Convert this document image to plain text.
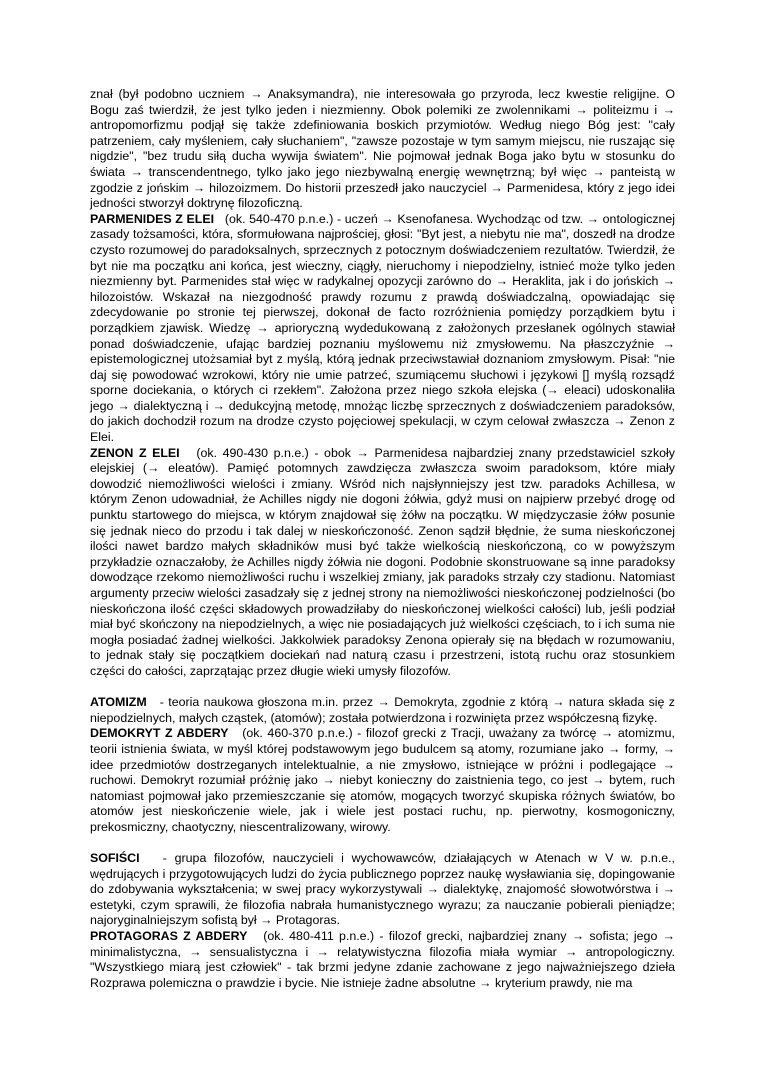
znał (był podobno uczniem → Anaksymandra), nie interesowała go przyroda, lecz kwestie religijne. O Bogu zaś twierdził, że jest tylko jeden i niezmienny. Obok polemiki ze zwolennikami → politeizmu i → antropomorfizmu podjął się także zdefiniowania boskich przymiotów. Według niego Bóg jest: "cały patrzeniem, cały myśleniem, cały słuchaniem", "zawsze pozostaje w tym samym miejscu, nie ruszając się nigdzie", "bez trudu siłą ducha wywija światem". Nie pojmował jednak Boga jako bytu w stosunku do świata → transcendentnego, tylko jako jego niezbywalną energię wewnętrzną; był więc → panteistą w zgodzie z jońskim → hilozoizmem. Do historii przeszedł jako nauczyciel → Parmenidesa, który z jego idei jedności stworzył doktrynę filozoficzną.

PARMENIDES Z ELEI (ok. 540-470 p.n.e.) - uczeń → Ksenofanesa. Wychodząc od tzw. → ontologicznej zasady tożsamości, która, sformułowana najprościej, głosi: "Byt jest, a niebytu nie ma", doszedł na drodze czysto rozumowej do paradoksalnych, sprzecznych z potocznym doświadczeniem rezultatów. Twierdził, że byt nie ma początku ani końca, jest wieczny, ciągły, nieruchomy i niepodzielny, istnieć może tylko jeden niezmienny byt. Parmenides stał więc w radykalnej opozycji zarówno do → Heraklita, jak i do jońskich → hilozoistów. Wskazał na niezgodność prawdy rozumu z prawdą doświadczalną, opowiadając się zdecydowanie po stronie tej pierwszej, dokonał de facto rozróżnienia pomiędzy porządkiem bytu i porządkiem zjawisk. Wiedzę → aprioryczną wydedukowaną z założonych przesłanek ogólnych stawiał ponad doświadczenie, ufając bardziej poznaniu myślowemu niż zmysłowemu. Na płaszczyźnie → epistemologicznej utożsamiał byt z myślą, którą jednak przeciwstawiał doznaniom zmysłowym. Pisał: "nie daj się powodować wzrokowi, który nie umie patrzeć, szumiącemu słuchowi i językowi [] myślą rozsądź sporne dociekania, o których ci rzekłem". Założona przez niego szkoła elejska (→ eleaci) udoskonaliła jego → dialektyczną i → dedukcyjną metodę, mnożąc liczbę sprzecznych z doświadczeniem paradoksów, do jakich dochodził rozum na drodze czysto pojęciowej spekulacji, w czym celował zwłaszcza → Zenon z Elei.

ZENON Z ELEI (ok. 490-430 p.n.e.) - obok → Parmenidesa najbardziej znany przedstawiciel szkoły elejskiej (→ eleatów). Pamięć potomnych zawdzięcza zwłaszcza swoim paradoksom, które miały dowodzić niemożliwości wielości i zmiany. Wśród nich najsłynniejszy jest tzw. paradoks Achillesa, w którym Zenon udowadniał, że Achilles nigdy nie dogoni żółwia, gdyż musi on najpierw przebyć drogę od punktu startowego do miejsca, w którym znajdował się żółw na początku. W międzyczasie żółw posunie się jednak nieco do przodu i tak dalej w nieskończoność. Zenon sądził błędnie, że suma nieskończonej ilości nawet bardzo małych składników musi być także wielkością nieskończoną, co w powyższym przykładzie oznaczałoby, że Achilles nigdy żółwia nie dogoni. Podobnie skonstruowane są inne paradoksy dowodzące rzekomo niemożliwości ruchu i wszelkiej zmiany, jak paradoks strzały czy stadionu. Natomiast argumenty przeciw wielości zasadzały się z jednej strony na niemożliwości nieskończonej podzielności (bo nieskończona ilość części składowych prowadziłaby do nieskończonej wielkości całości) lub, jeśli podział miał być skończony na niepodzielnych, a więc nie posiadających już wielkości częściach, to i ich suma nie mogła posiadać żadnej wielkości. Jakkolwiek paradoksy Zenona opierały się na błędach w rozumowaniu, to jednak stały się początkiem dociekań nad naturą czasu i przestrzeni, istotą ruchu oraz stosunkiem części do całości, zaprzątając przez długie wieki umysły filozofów.

ATOMIZM - teoria naukowa głoszona m.in. przez → Demokryta, zgodnie z którą → natura składa się z niepodzielnych, małych cząstek, (atomów); została potwierdzona i rozwinięta przez współczesną fizykę.

DEMOKRYT Z ABDERY (ok. 460-370 p.n.e.) - filozof grecki z Tracji, uważany za twórcę → atomizmu, teorii istnienia świata, w myśl której podstawowym jego budulcem są atomy, rozumiane jako → formy, → idee przedmiotów dostrzeganych intelektualnie, a nie zmysłowo, istniejące w próżni i podlegające → ruchowi. Demokryt rozumiał próżnię jako → niebyt konieczny do zaistnienia tego, co jest → bytem, ruch natomiast pojmował jako przemieszczanie się atomów, mogących tworzyć skupiska różnych światów, bo atomów jest nieskończenie wiele, jak i wiele jest postaci ruchu, np. pierwotny, kosmogoniczny, prekosmiczny, chaotyczny, niescentralizowany, wirowy.

SOFIŚCI - grupa filozofów, nauczycieli i wychowawców, działających w Atenach w V w. p.n.e., wędrujących i przygotowujących ludzi do życia publicznego poprzez naukę wysławiania się, dopingowanie do zdobywania wykształcenia; w swej pracy wykorzystywali → dialektykę, znajomość słowotwórstwa i → estetyki, czym sprawili, że filozofia nabrała humanistycznego wyrazu; za nauczanie pobierali pieniądze; najoryginalniejszym sofistą był → Protagoras.

PROTAGORAS Z ABDERY (ok. 480-411 p.n.e.) - filozof grecki, najbardziej znany → sofista; jego → minimalistyczna, → sensualistyczna i → relatywistyczna filozofia miała wymiar → antropologiczny. "Wszystkiego miarą jest człowiek" - tak brzmi jedyne zdanie zachowane z jego najważniejszego dzieła Rozprawa polemiczna o prawdzie i bycie. Nie istnieje żadne absolutne → kryterium prawdy, nie ma
